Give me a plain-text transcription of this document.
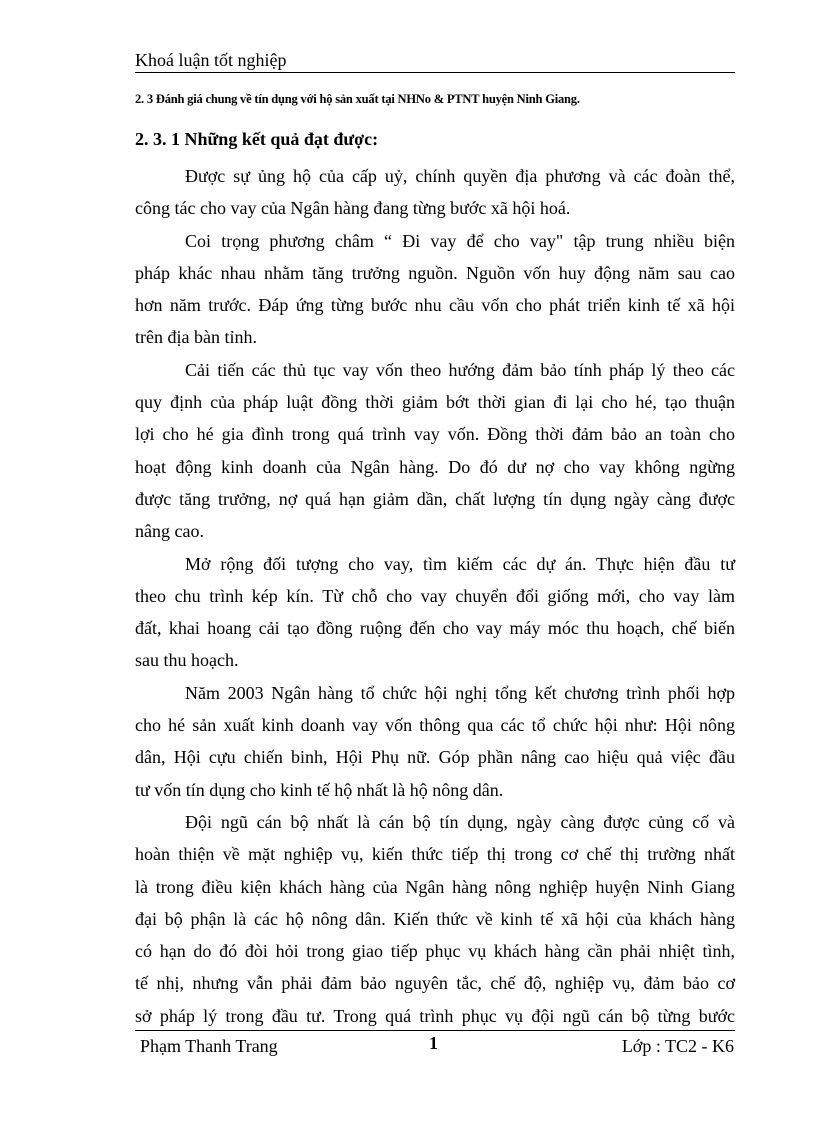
Khoá luận tốt nghiệp
2. 3 Đánh giá chung về tín dụng với hộ sản xuất tại NHNo & PTNT huyện Ninh Giang.
2. 3. 1 Những kết quả đạt được:
Được sự ủng hộ của cấp uỷ, chính quyền địa phương và các đoàn thể,
công tác cho vay của Ngân hàng đang từng bước xã hội hoá.
Coi trọng phương châm “ Đi vay để cho vay" tập trung nhiều biện
pháp khác nhau nhằm tăng trưởng nguồn. Nguồn vốn huy động năm sau cao
hơn năm trước. Đáp ứng từng bước nhu cầu vốn cho phát triển kinh tế xã hội
trên địa bàn tỉnh.
Cải tiến các thủ tục vay vốn theo hướng đảm bảo tính pháp lý theo các
quy định của pháp luật đồng thời giảm bớt thời gian đi lại cho hé, tạo thuận
lợi cho hé gia đình trong quá trình vay vốn. Đồng thời đảm bảo an toàn cho
hoạt động kinh doanh của Ngân hàng. Do đó dư nợ cho vay không ngừng
được tăng trưởng, nợ quá hạn giảm dần, chất lượng tín dụng ngày càng được
nâng cao.
Mở rộng đối tượng cho vay, tìm kiếm các dự án. Thực hiện đầu tư
theo chu trình kép kín. Từ chỗ cho vay chuyển đổi giống mới, cho vay làm
đất, khai hoang cải tạo đồng ruộng đến cho vay máy móc thu hoạch, chế biến
sau thu hoạch.
Năm 2003 Ngân hàng tổ chức hội nghị tổng kết chương trình phối hợp
cho hé sản xuất kinh doanh vay vốn thông qua các tổ chức hội như: Hội nông
dân, Hội cựu chiến binh, Hội Phụ nữ. Góp phần nâng cao hiệu quả việc đầu
tư vốn tín dụng cho kinh tế hộ nhất là hộ nông dân.
Đội ngũ cán bộ nhất là cán bộ tín dụng, ngày càng được củng cố và
hoàn thiện về mặt nghiệp vụ, kiến thức tiếp thị trong cơ chế thị trường nhất
là trong điều kiện khách hàng của Ngân hàng nông nghiệp huyện Ninh Giang
đại bộ phận là các hộ nông dân. Kiến thức về kinh tế xã hội của khách hàng
có hạn do đó đòi hỏi trong giao tiếp phục vụ khách hàng cần phải nhiệt tình,
tế nhị, nhưng vẫn phải đảm bảo nguyên tắc, chế độ, nghiệp vụ, đảm bảo cơ
sở pháp lý trong đầu tư. Trong quá trình phục vụ đội ngũ cán bộ từng bước
Phạm Thanh Trang	1	Lớp : TC2 - K6
